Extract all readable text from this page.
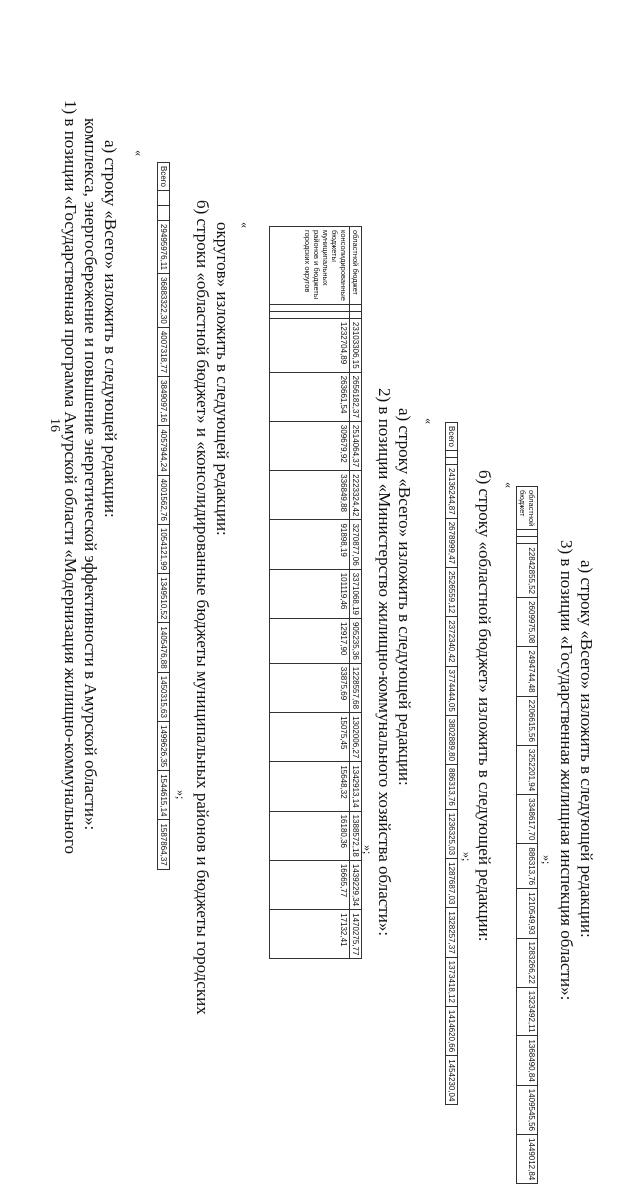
16 1) в позиции «Государственная программа Амурской области «Модернизация жилищно-коммунального комплекса, энергосбережение и повышение энергетической эффективности в Амурской области»: а) строку «Всего» изложить в следующей редакции: «
Всего			29495976,11	36883322,30	4007318,77	3849097,16	4057944,24	4001562,76	1054121,99	1349510,52	1405476,88	1450315,63	1499626,35	1544615,14	1587864,37
»; б) строки «областной бюджет» и «консолидированные бюджеты муниципальных районов и бюджеты городских округов» изложить в следующей редакции: «
областной бюджет			23103306,15	2656182,37	2514064,37	2223324,42	3270877,06	3371068,19	905235,36	1228557,68	1302006,27	1342913,14	1388572,18	1439229,34	1470275,77
консолидированные бюджеты муниципальных районов и бюджеты городских округов			1232704,89	263661,54	309679,92	336849,88	91898,19	101119,46	12917,90	33875,69	15075,45	15648,32	16180,36	16665,77	17132,41
»; 2) в позиции «Министерство жилищно-коммунального хозяйства области»: а) строку «Всего» изложить в следующей редакции: «
Всего			24136244,87	2678999,47	2526559,12	2372340,42	3774444,05	3802889,80	886313,76	1236325,03	1287687,03	1328257,37	1373418,12	1414620,66	1454230,04
»; б) строку «областной бюджет» изложить в следующей редакции: «
областной бюджет			22842855,52	2609975,08	2494744,48	2206615,56	3252201,94	3348617,70	886313,76	1210549,93	1283266,22	1323492,11	1368490,84	1409545,56	1449012,84
»; 3) в позиции «Государственная жилищная инспекция области»: а) строку «Всего» изложить в следующей редакции:
